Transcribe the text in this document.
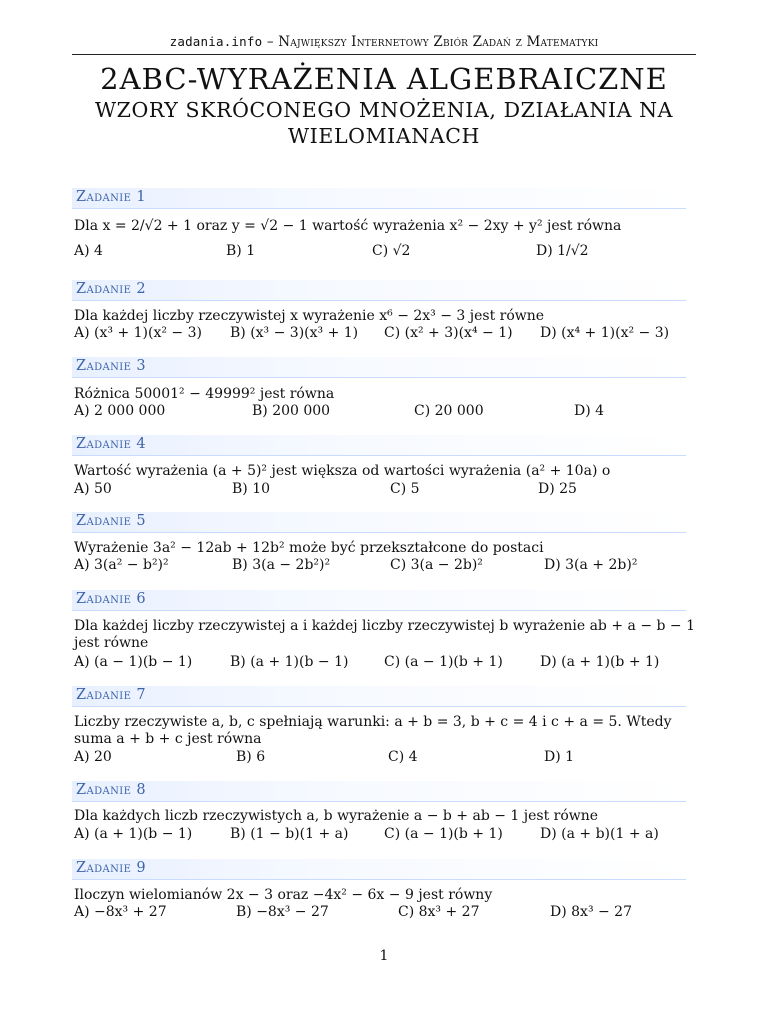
zadania.info – Największy Internetowy Zbiór Zadań z Matematyki
2ABC-WYRAŻENIA ALGEBRAICZNE
WZORY SKRÓCONEGO MNOŻENIA, DZIAŁANIA NA WIELOMIANACH
Zadanie 1
Dla x = 2/√2 + 1 oraz y = √2 − 1 wartość wyrażenia x² − 2xy + y² jest równa
A) 4	B) 1	C) √2	D) 1/√2
Zadanie 2
Dla każdej liczby rzeczywistej x wyrażenie x⁶ − 2x³ − 3 jest równe
A) (x³ + 1)(x² − 3) B) (x³ − 3)(x³ + 1) C) (x² + 3)(x⁴ − 1) D) (x⁴ + 1)(x² − 3)
Zadanie 3
Różnica 50001² − 49999² jest równa
A) 2 000 000	B) 200 000	C) 20 000	D) 4
Zadanie 4
Wartość wyrażenia (a + 5)² jest większa od wartości wyrażenia (a² + 10a) o
A) 50	B) 10	C) 5	D) 25
Zadanie 5
Wyrażenie 3a² − 12ab + 12b² może być przekształcone do postaci
A) 3(a² − b²)²	B) 3(a − 2b²)²	C) 3(a − 2b)²	D) 3(a + 2b)²
Zadanie 6
Dla każdej liczby rzeczywistej a i każdej liczby rzeczywistej b wyrażenie ab + a − b − 1 jest równe
A) (a − 1)(b − 1)	B) (a + 1)(b − 1)	C) (a − 1)(b + 1)	D) (a + 1)(b + 1)
Zadanie 7
Liczby rzeczywiste a, b, c spełniają warunki: a + b = 3, b + c = 4 i c + a = 5. Wtedy suma a + b + c jest równa
A) 20	B) 6	C) 4	D) 1
Zadanie 8
Dla każdych liczb rzeczywistych a, b wyrażenie a − b + ab − 1 jest równe
A) (a + 1)(b − 1)	B) (1 − b)(1 + a)	C) (a − 1)(b + 1)	D) (a + b)(1 + a)
Zadanie 9
Iloczyn wielomianów 2x − 3 oraz −4x² − 6x − 9 jest równy
A) −8x³ + 27	B) −8x³ − 27	C) 8x³ + 27	D) 8x³ − 27
1
